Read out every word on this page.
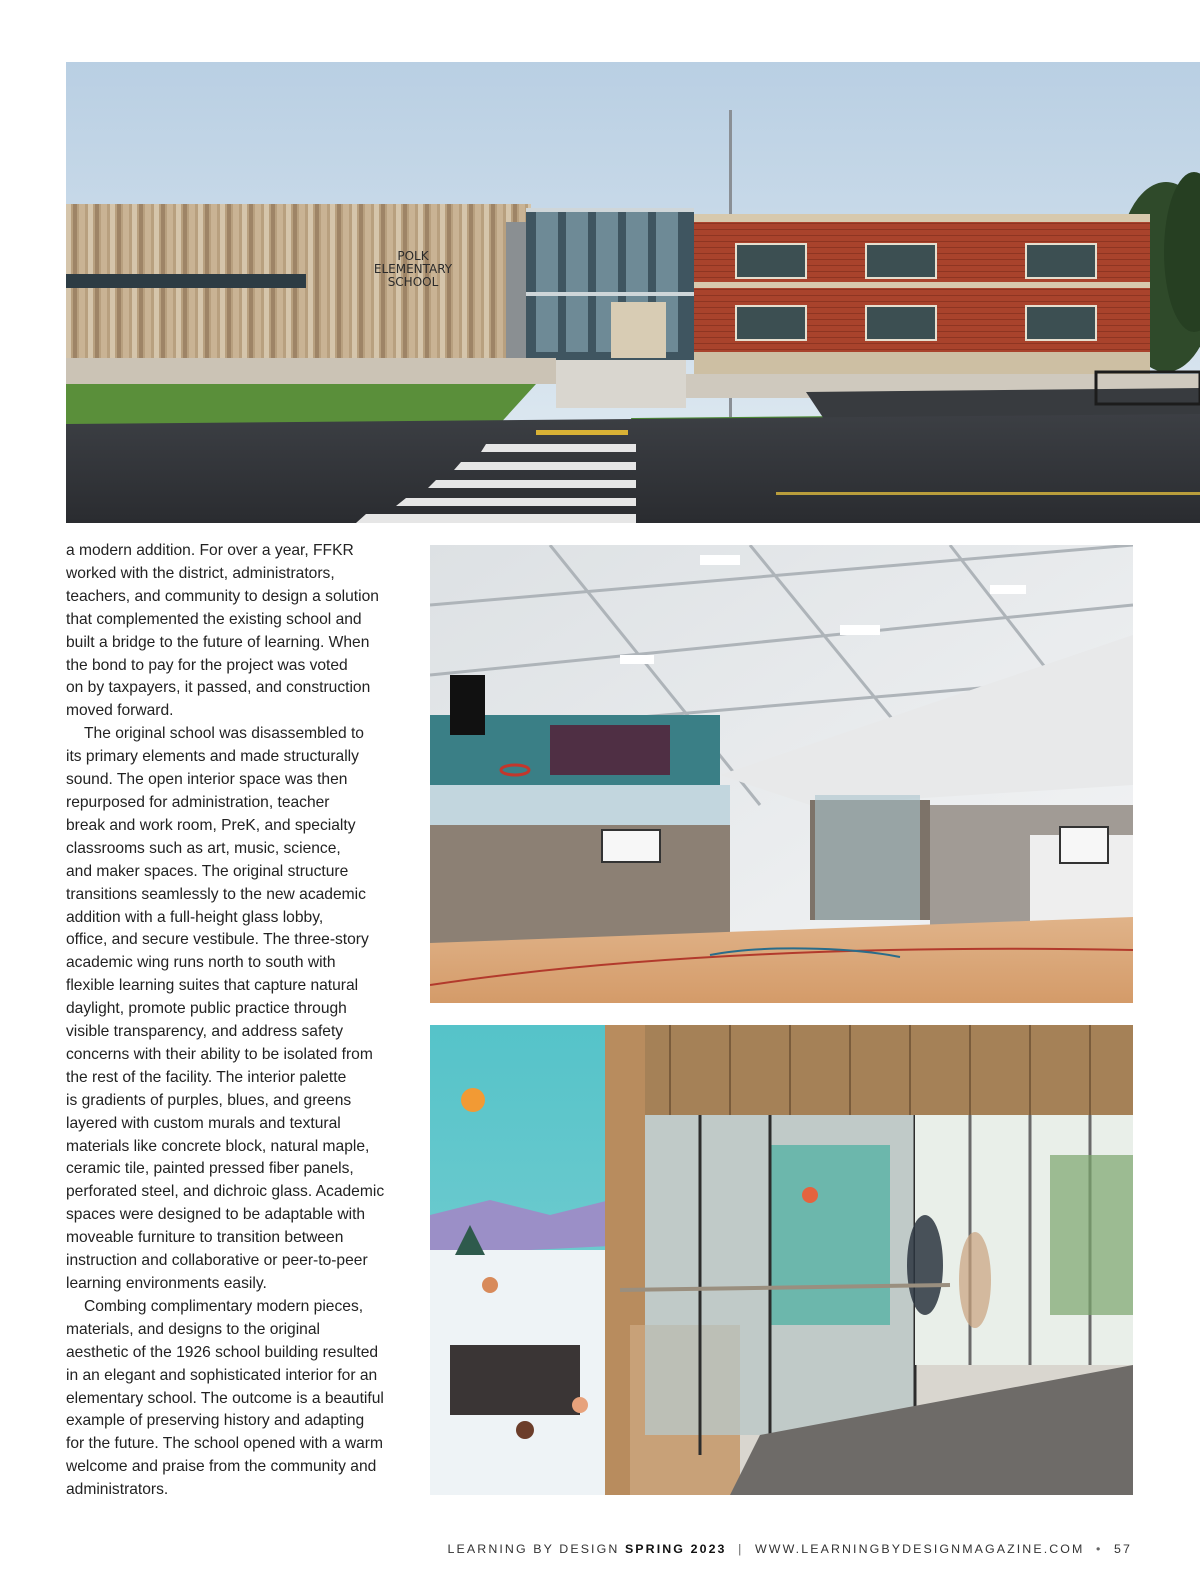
POLK
ELEMENTARY
SCHOOL

a modern addition. For over a year, FFKR
worked with the district, administrators,
teachers, and community to design a solution
that complemented the existing school and
built a bridge to the future of learning. When
the bond to pay for the project was voted
on by taxpayers, it passed, and construction
moved forward.

The original school was disassembled to
its primary elements and made structurally
sound. The open interior space was then
repurposed for administration, teacher
break and work room, PreK, and specialty
classrooms such as art, music, science,
and maker spaces. The original structure
transitions seamlessly to the new academic
addition with a full-height glass lobby,
office, and secure vestibule. The three-story
academic wing runs north to south with
flexible learning suites that capture natural
daylight, promote public practice through
visible transparency, and address safety
concerns with their ability to be isolated from
the rest of the facility. The interior palette
is gradients of purples, blues, and greens
layered with custom murals and textural
materials like concrete block, natural maple,
ceramic tile, painted pressed fiber panels,
perforated steel, and dichroic glass. Academic
spaces were designed to be adaptable with
moveable furniture to transition between
instruction and collaborative or peer-to-peer
learning environments easily.

Combing complimentary modern pieces,
materials, and designs to the original
aesthetic of the 1926 school building resulted
in an elegant and sophisticated interior for an
elementary school. The outcome is a beautiful
example of preserving history and adapting
for the future. The school opened with a warm
welcome and praise from the community and
administrators.

LEARNING BY DESIGN SPRING 2023 | WWW.LEARNINGBYDESIGNMAGAZINE.COM • 57
